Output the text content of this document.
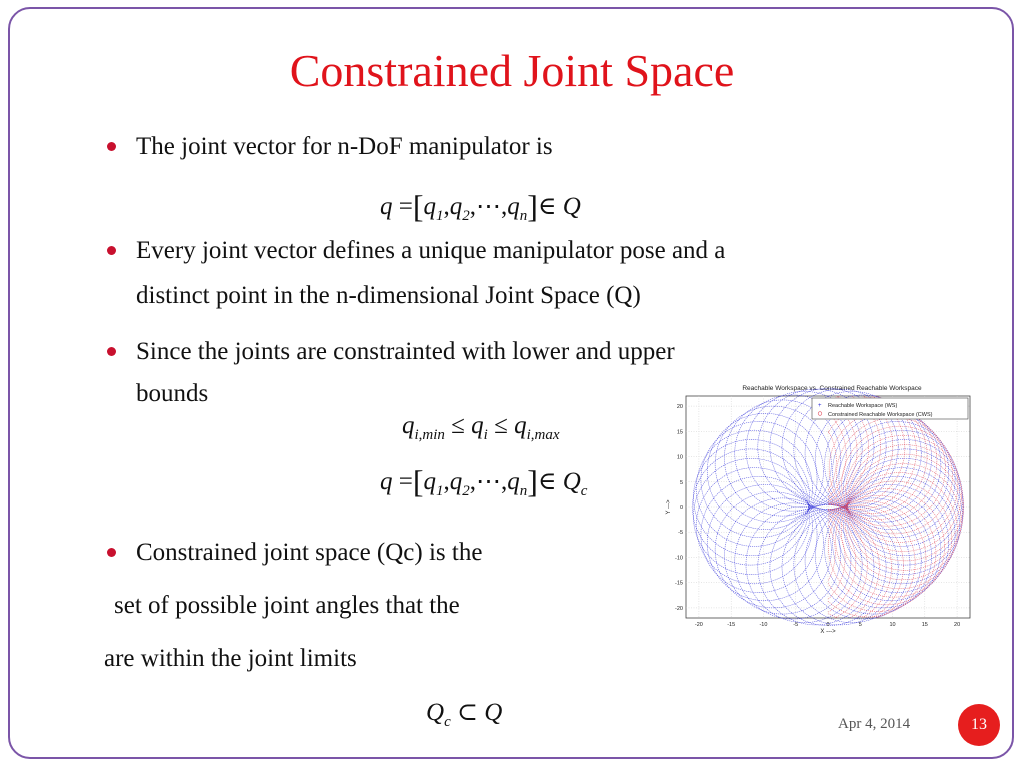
Constrained Joint Space
The joint vector for n-DoF manipulator is
$q =[q_1,q_2,\cdots,q_n]\in$ Q
Every joint vector defines a unique manipulator pose and a
distinct point in the n-dimensional Joint Space (Q)
Since the joints are constrainted with lower and upper
bounds
$q_{i,min} \le q_i \le q_{i,max}$
$q =[q_1,q_2,\cdots,q_n]\in$ $Q_c$
Constrained joint space (Qc) is the
set of possible joint angles that the
are within the joint limits
$Q_c$ ⊂ Q
Reachable Workspace vs. Constrained Reachable Workspace
-20	-15	-10	-5	0	5	10	15	20
20
15
10
5
0
-5
-10
-15
-20
X --->
Y --->
+ Reachable Workspace (WS)
Constrained Reachable Workspace (CWS)
Apr 4, 2014	13
